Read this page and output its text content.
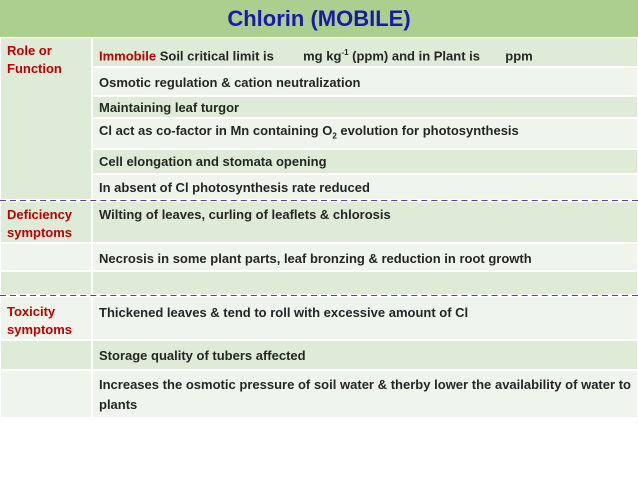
Chlorin (MOBILE)
Immobile Soil critical limit is mg $kg^{-1}$ (ppm) and in Plant is ppm
Osmotic regulation & cation neutralization
Maintaining leaf turgor
Cl act as co-factor in Mn containing $O_2$ evolution for photosynthesis
Cell elongation and stomata opening
In absent of Cl photosynthesis rate reduced
Role or Function
Deficiency symptoms
Wilting of leaves, curling of leaflets & chlorosis
Necrosis in some plant parts, leaf bronzing & reduction in root growth
Toxicity symptoms
Thickened leaves & tend to roll with excessive amount of Cl
Storage quality of tubers affected
Increases the osmotic pressure of soil water & therby lower the availability of water to plants
